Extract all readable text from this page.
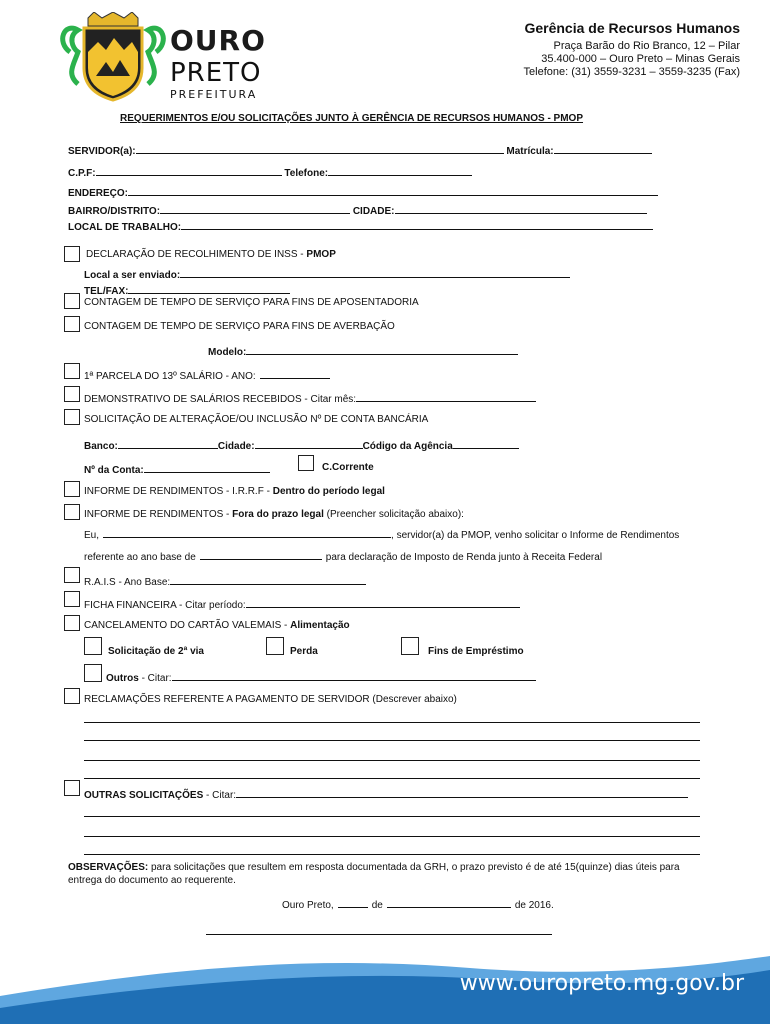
OURO
PRETO
PREFEITURA
Gerência de Recursos Humanos
Praça Barão do Rio Branco, 12 – Pilar
35.400-000 – Ouro Preto – Minas Gerais
Telefone: (31) 3559-3231 – 3559-3235 (Fax)
REQUERIMENTOS E/OU SOLICITAÇÕES JUNTO À GERÊNCIA DE RECURSOS HUMANOS - PMOP
SERVIDOR(a):	Matrícula:
C.P.F:	Telefone:
ENDEREÇO:
BAIRRO/DISTRITO:	CIDADE:
LOCAL DE TRABALHO:
DECLARAÇÃO DE RECOLHIMENTO DE INSS - PMOP
Local a ser enviado:
TEL/FAX:
CONTAGEM DE TEMPO DE SERVIÇO PARA FINS DE APOSENTADORIA
CONTAGEM DE TEMPO DE SERVIÇO PARA FINS DE AVERBAÇÃO
Modelo:
1ª PARCELA DO 13º SALÁRIO - ANO:
DEMONSTRATIVO DE SALÁRIOS RECEBIDOS - Citar mês:
SOLICITAÇÃO DE ALTERAÇÃOE/OU INCLUSÃO Nº DE CONTA BANCÁRIA
Banco:	Cidade:	Código da Agência
Nº da Conta:	C.Corrente
INFORME DE RENDIMENTOS - I.R.R.F - Dentro do período legal
INFORME DE RENDIMENTOS - Fora do prazo legal (Preencher solicitação abaixo):
Eu,	, servidor(a) da PMOP, venho solicitar o Informe de Rendimentos
referente ao ano base de	para declaração de Imposto de Renda junto à Receita Federal
R.A.I.S - Ano Base:
FICHA FINANCEIRA - Citar período:
CANCELAMENTO DO CARTÃO VALEMAIS - Alimentação
Solicitação de 2ª via	Perda	Fins de Empréstimo
Outros - Citar:
RECLAMAÇÕES REFERENTE A PAGAMENTO DE SERVIDOR (Descrever abaixo)
OUTRAS SOLICITAÇÕES - Citar:
OBSERVAÇÕES: para solicitações que resultem em resposta documentada da GRH, o prazo previsto é de até 15(quinze) dias úteis para
entrega do documento ao requerente.
Ouro Preto,	de	de 2016.
www.ouropreto.mg.gov.br
